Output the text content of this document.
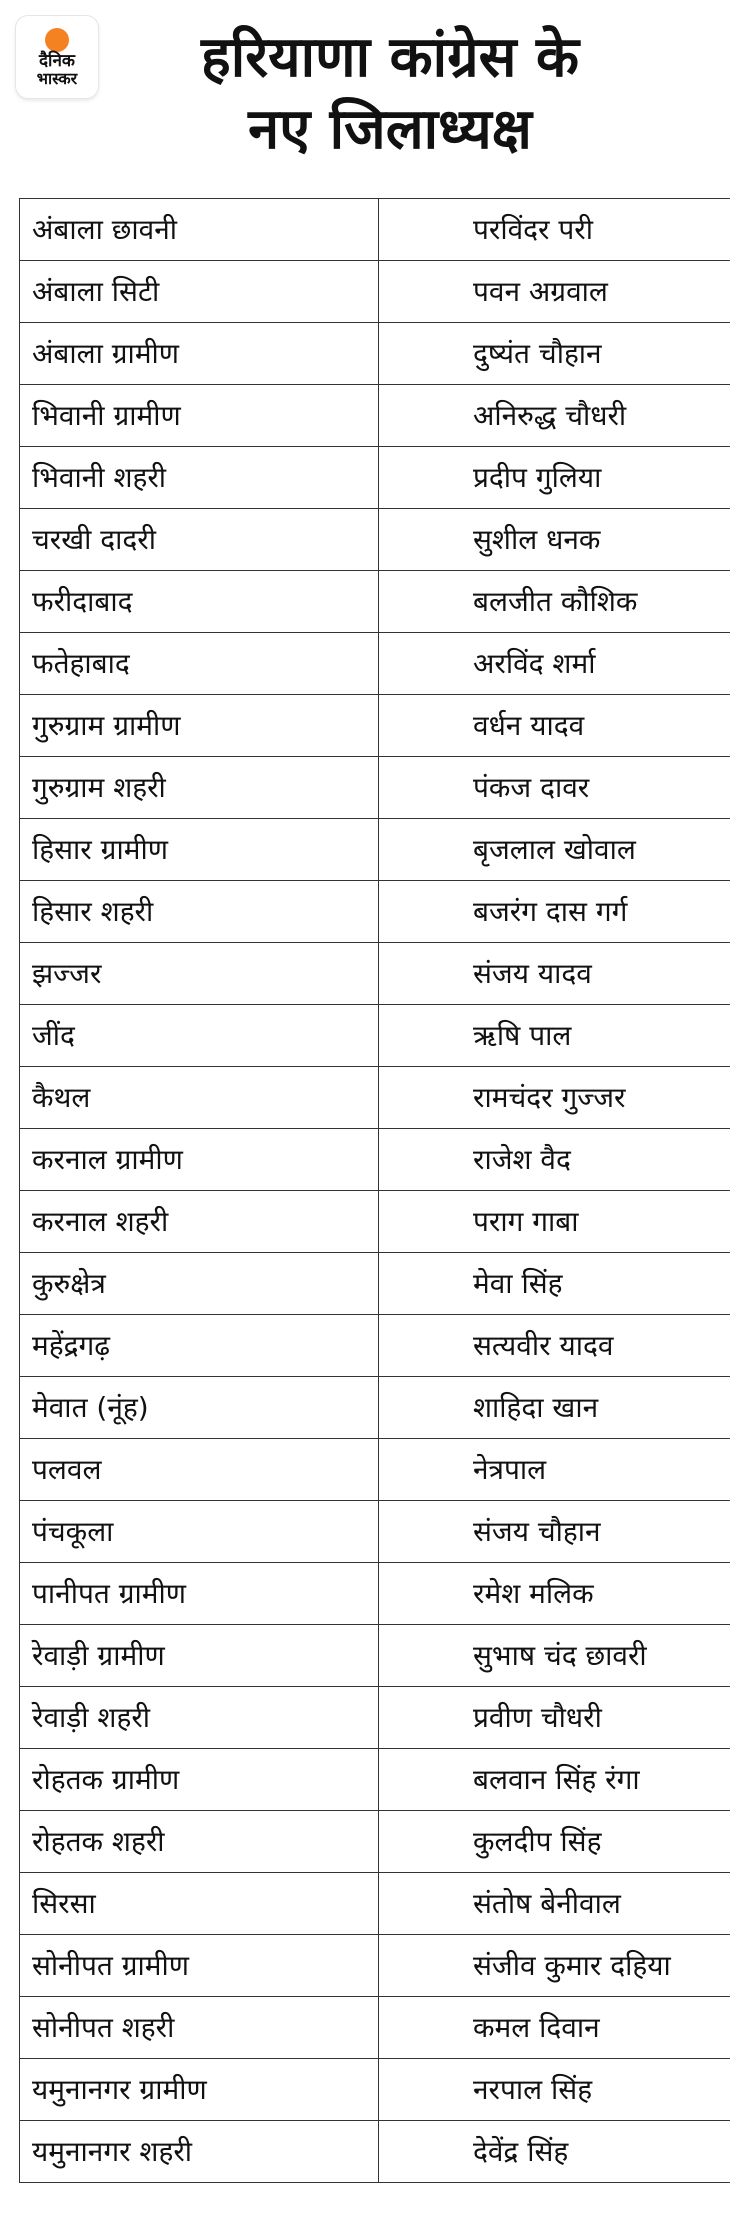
दैनिक
भास्कर	हरियाणा कांग्रेस के
नए जिलाध्यक्ष
अंबाला छावनी	परविंदर परी
अंबाला सिटी	पवन अग्रवाल
अंबाला ग्रामीण	दुष्यंत चौहान
भिवानी ग्रामीण	अनिरुद्ध चौधरी
भिवानी शहरी	प्रदीप गुलिया
चरखी दादरी	सुशील धनक
फरीदाबाद	बलजीत कौशिक
फतेहाबाद	अरविंद शर्मा
गुरुग्राम ग्रामीण	वर्धन यादव
गुरुग्राम शहरी	पंकज दावर
हिसार ग्रामीण	बृजलाल खोवाल
हिसार शहरी	बजरंग दास गर्ग
झज्जर	संजय यादव
जींद	ऋषि पाल
कैथल	रामचंदर गुज्जर
करनाल ग्रामीण	राजेश वैद
करनाल शहरी	पराग गाबा
कुरुक्षेत्र	मेवा सिंह
महेंद्रगढ़	सत्यवीर यादव
मेवात (नूंह)	शाहिदा खान
पलवल	नेत्रपाल
पंचकूला	संजय चौहान
पानीपत ग्रामीण	रमेश मलिक
रेवाड़ी ग्रामीण	सुभाष चंद छावरी
रेवाड़ी शहरी	प्रवीण चौधरी
रोहतक ग्रामीण	बलवान सिंह रंगा
रोहतक शहरी	कुलदीप सिंह
सिरसा	संतोष बेनीवाल
सोनीपत ग्रामीण	संजीव कुमार दहिया
सोनीपत शहरी	कमल दिवान
यमुनानगर ग्रामीण	नरपाल सिंह
यमुनानगर शहरी	देवेंद्र सिंह
